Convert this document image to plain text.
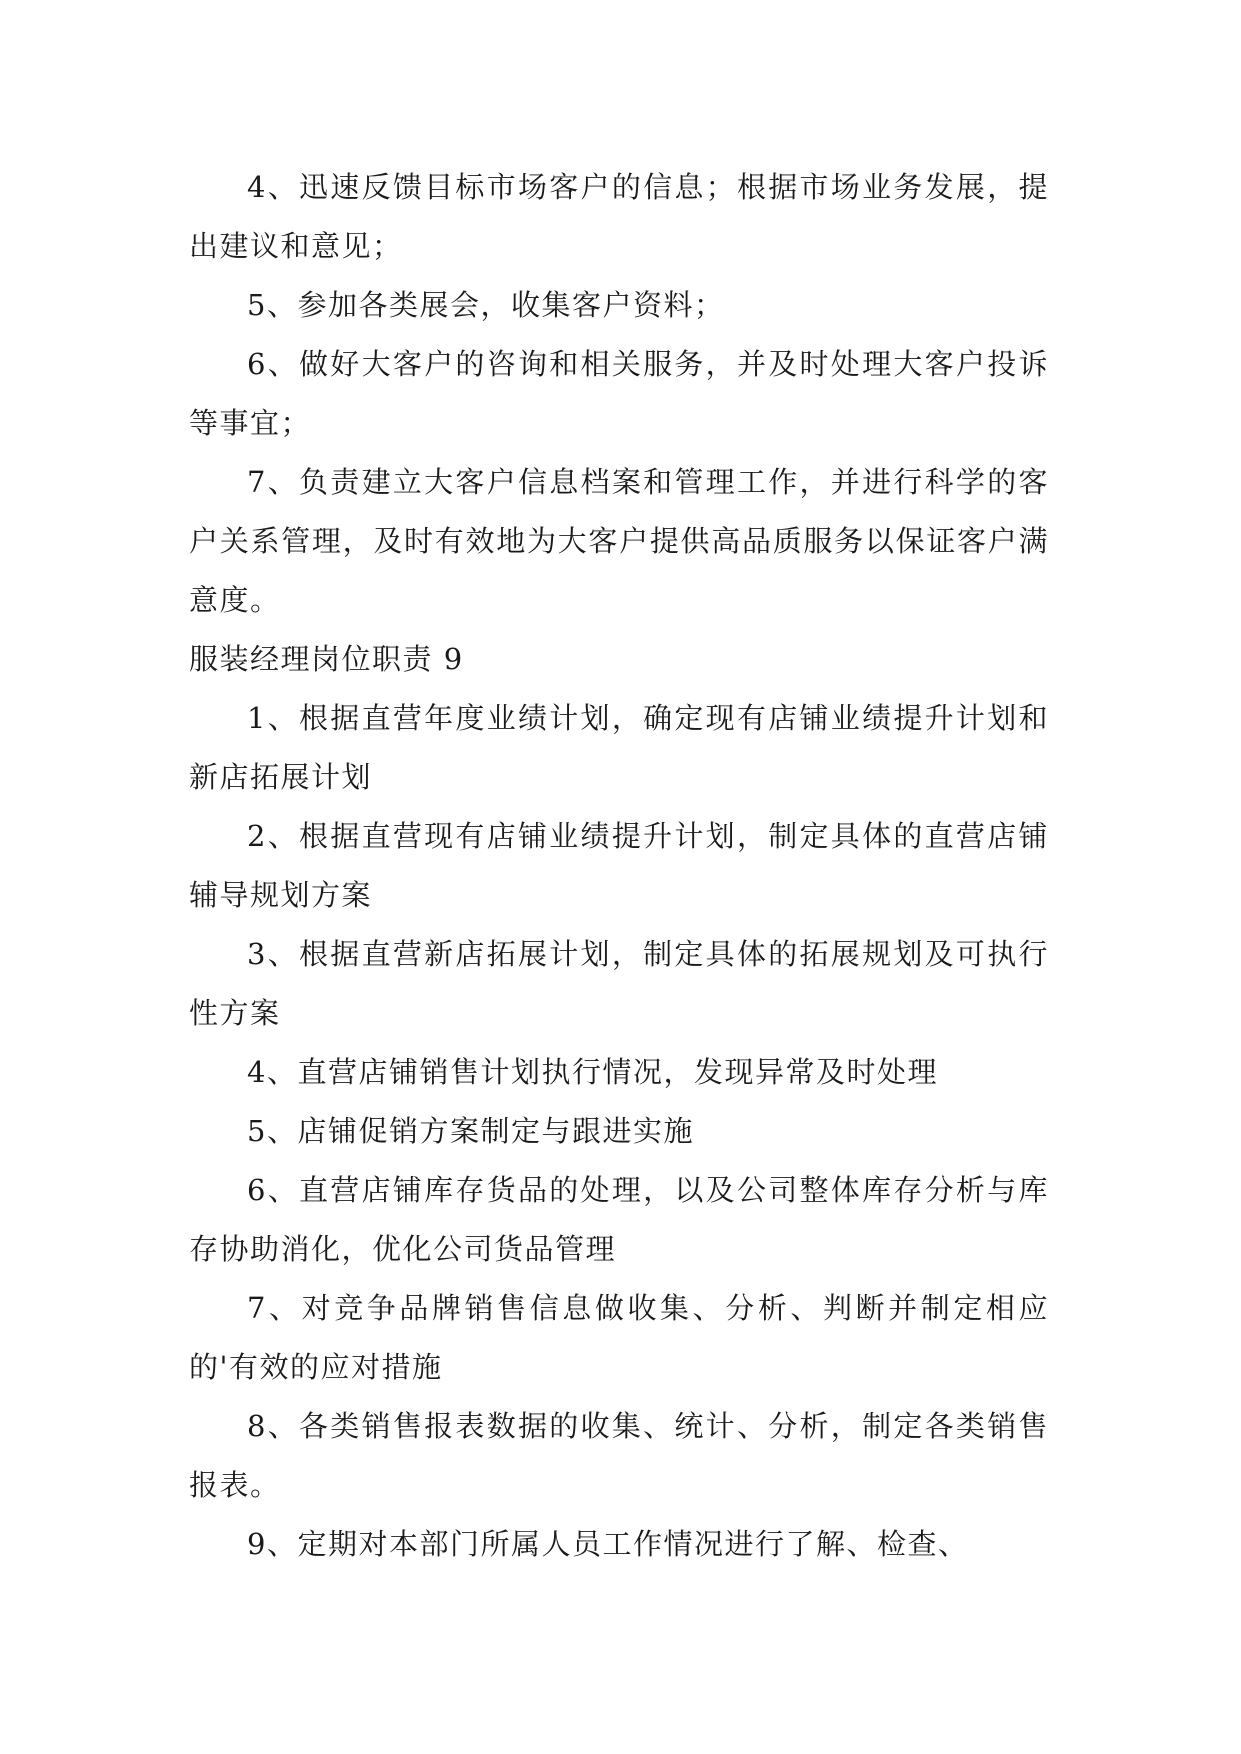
4、迅速反馈目标市场客户的信息；根据市场业务发展，提出建议和意见；

5、参加各类展会，收集客户资料；

6、做好大客户的咨询和相关服务，并及时处理大客户投诉等事宜；

7、负责建立大客户信息档案和管理工作，并进行科学的客户关系管理，及时有效地为大客户提供高品质服务以保证客户满意度。

服装经理岗位职责 9

1、根据直营年度业绩计划，确定现有店铺业绩提升计划和新店拓展计划

2、根据直营现有店铺业绩提升计划，制定具体的直营店铺辅导规划方案

3、根据直营新店拓展计划，制定具体的拓展规划及可执行性方案

4、直营店铺销售计划执行情况，发现异常及时处理

5、店铺促销方案制定与跟进实施

6、直营店铺库存货品的处理，以及公司整体库存分析与库存协助消化，优化公司货品管理

7、对竞争品牌销售信息做收集、分析、判断并制定相应的'有效的应对措施

8、各类销售报表数据的收集、统计、分析，制定各类销售报表。

9、定期对本部门所属人员工作情况进行了解、检查、
